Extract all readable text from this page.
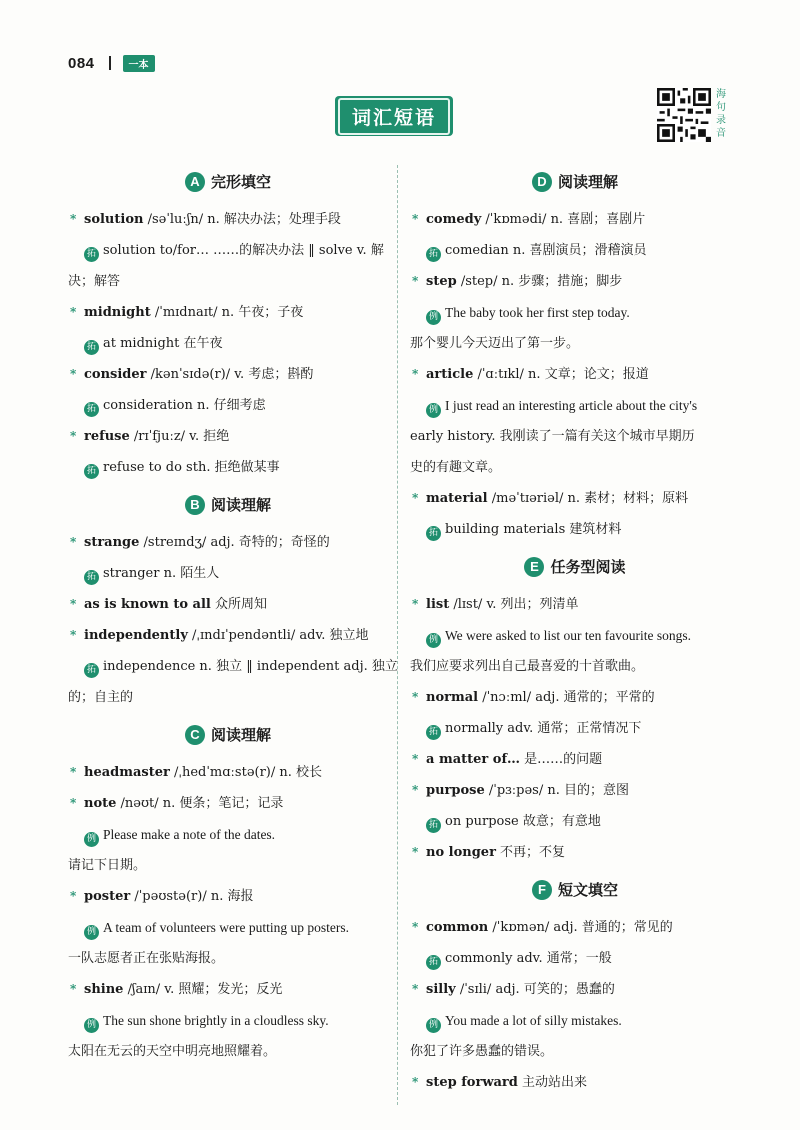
084	一本
词汇短语
海句录音
A 完形填空
* solution /səˈluːʃn/ n. 解决办法；处理手段
拓 solution to/for… ……的解决办法 ‖ solve v. 解
决；解答
* midnight /ˈmɪdnaɪt/ n. 午夜；子夜
拓 at midnight 在午夜
* consider /kənˈsɪdə(r)/ v. 考虑；斟酌
拓 consideration n. 仔细考虑
* refuse /rɪˈfjuːz/ v. 拒绝
拓 refuse to do sth. 拒绝做某事
B 阅读理解
* strange /streɪndʒ/ adj. 奇特的；奇怪的
拓 stranger n. 陌生人
* as is known to all 众所周知
* independently /ˌɪndɪˈpendəntli/ adv. 独立地
拓 independence n. 独立 ‖ independent adj. 独立
的；自主的
C 阅读理解
* headmaster /ˌhedˈmɑːstə(r)/ n. 校长
* note /nəʊt/ n. 便条；笔记；记录
例 Please make a note of the dates.
请记下日期。
* poster /ˈpəʊstə(r)/ n. 海报
例 A team of volunteers were putting up posters.
一队志愿者正在张贴海报。
* shine /ʃaɪn/ v. 照耀；发光；反光
例 The sun shone brightly in a cloudless sky.
太阳在无云的天空中明亮地照耀着。
D 阅读理解
* comedy /ˈkɒmədi/ n. 喜剧；喜剧片
拓 comedian n. 喜剧演员；滑稽演员
* step /step/ n. 步骤；措施；脚步
例 The baby took her first step today.
那个婴儿今天迈出了第一步。
* article /ˈɑːtɪkl/ n. 文章；论文；报道
例 I just read an interesting article about the city's
early history. 我刚读了一篇有关这个城市早期历
史的有趣文章。
* material /məˈtɪəriəl/ n. 素材；材料；原料
拓 building materials 建筑材料
E 任务型阅读
* list /lɪst/ v. 列出；列清单
例 We were asked to list our ten favourite songs.
我们应要求列出自己最喜爱的十首歌曲。
* normal /ˈnɔːml/ adj. 通常的；平常的
拓 normally adv. 通常；正常情况下
* a matter of… 是……的问题
* purpose /ˈpɜːpəs/ n. 目的；意图
拓 on purpose 故意；有意地
* no longer 不再；不复
F 短文填空
* common /ˈkɒmən/ adj. 普通的；常见的
拓 commonly adv. 通常；一般
* silly /ˈsɪli/ adj. 可笑的；愚蠢的
例 You made a lot of silly mistakes.
你犯了许多愚蠢的错误。
* step forward 主动站出来
